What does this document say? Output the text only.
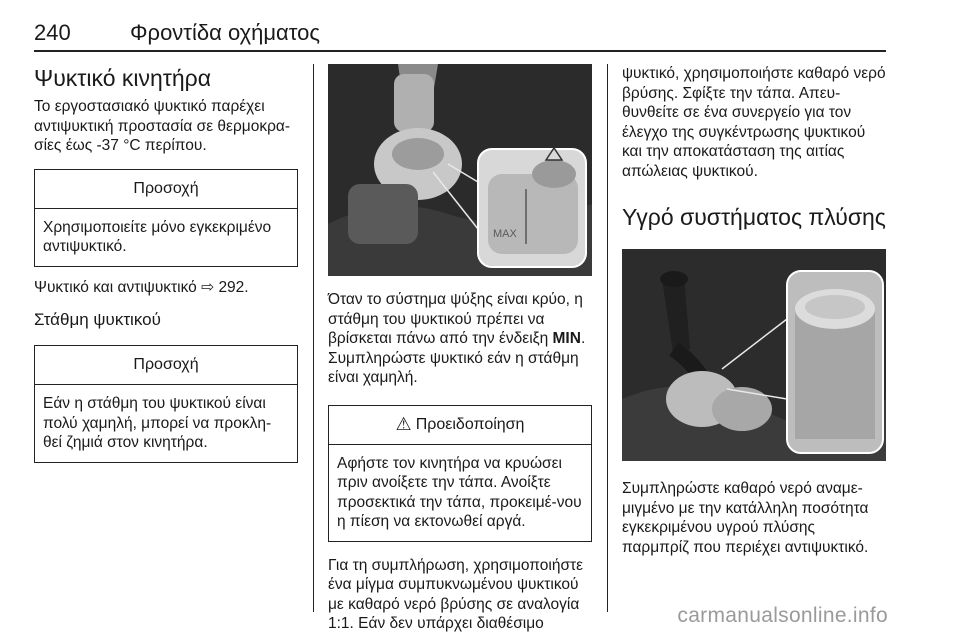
240	Φροντίδα οχήματος
Ψυκτικό κινητήρα

Το εργοστασιακό ψυκτικό παρέχει αντιψυκτική προστασία σε θερμοκρα-σίες έως -37 °C περίπου.

Προσοχή
Χρησιμοποιείτε μόνο εγκεκριμένο αντιψυκτικό.

Ψυκτικό και αντιψυκτικό ⇨ 292.

Στάθμη ψυκτικού
Προσοχή
Εάν η στάθμη του ψυκτικού είναι πολύ χαμηλή, μπορεί να προκλη-θεί ζημιά στον κινητήρα.
MAX

Όταν το σύστημα ψύξης είναι κρύο, η στάθμη του ψυκτικού πρέπει να βρίσκεται πάνω από την ένδειξη MIN. Συμπληρώστε ψυκτικό εάν η στάθμη είναι χαμηλή.

⚠ Προειδοποίηση
Αφήστε τον κινητήρα να κρυώσει πριν ανοίξετε την τάπα. Ανοίξτε προσεκτικά την τάπα, προκειμέ-νου η πίεση να εκτονωθεί αργά.

Για τη συμπλήρωση, χρησιμοποιήστε ένα μίγμα συμπυκνωμένου ψυκτικού με καθαρό νερό βρύσης σε αναλογία 1:1. Εάν δεν υπάρχει διαθέσιμο

ψυκτικό, χρησιμοποιήστε καθαρό νερό βρύσης. Σφίξτε την τάπα. Απευ-θυνθείτε σε ένα συνεργείο για τον έλεγχο της συγκέντρωσης ψυκτικού και την αποκατάσταση της αιτίας απώλειας ψυκτικού.

Υγρό συστήματος πλύσης

Συμπληρώστε καθαρό νερό αναμε-μιγμένο με την κατάλληλη ποσότητα εγκεκριμένου υγρού πλύσης παρμπρίζ που περιέχει αντιψυκτικό.

carmanualsonline.info
